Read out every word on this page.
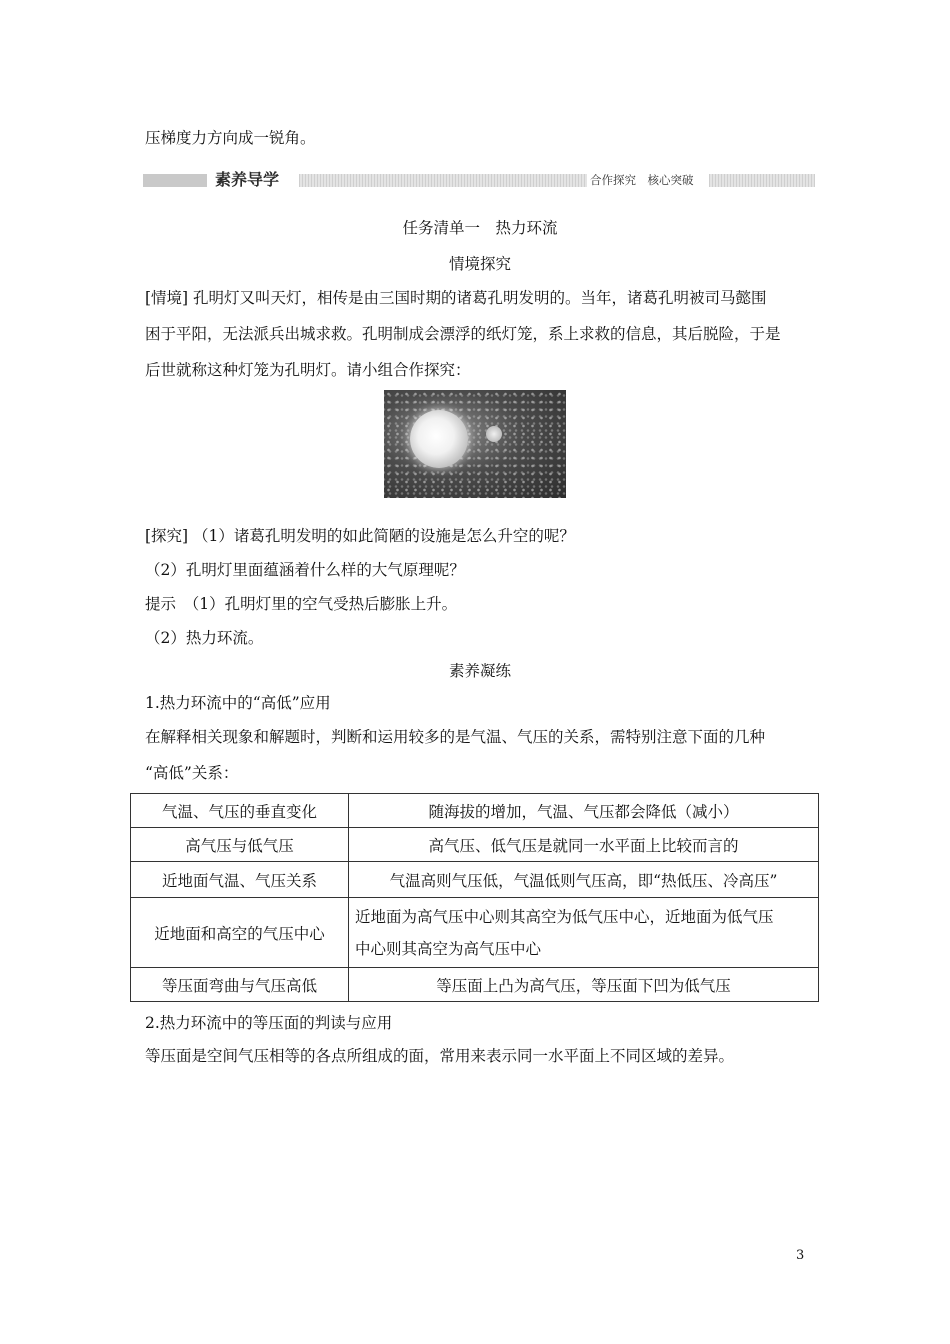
压梯度力方向成一锐角。
素养导学	合作探究　核心突破
任务清单一　热力环流
情境探究
[情境] 孔明灯又叫天灯，相传是由三国时期的诸葛孔明发明的。当年，诸葛孔明被司马懿围
困于平阳，无法派兵出城求救。孔明制成会漂浮的纸灯笼，系上求救的信息，其后脱险，于是
后世就称这种灯笼为孔明灯。请小组合作探究：
[探究] （1）诸葛孔明发明的如此简陋的设施是怎么升空的呢？
（2）孔明灯里面蕴涵着什么样的大气原理呢？
提示　（1）孔明灯里的空气受热后膨胀上升。
（2）热力环流。
素养凝练
1.热力环流中的“高低”应用
在解释相关现象和解题时，判断和运用较多的是气温、气压的关系，需特别注意下面的几种
“高低”关系：
气温、气压的垂直变化	随海拔的增加，气温、气压都会降低（减小）
高气压与低气压	高气压、低气压是就同一水平面上比较而言的
近地面气温、气压关系	气温高则气压低，气温低则气压高，即“热低压、冷高压”
近地面和高空的气压中心	近地面为高气压中心则其高空为低气压中心，近地面为低气压
中心则其高空为高气压中心

等压面弯曲与气压高低	等压面上凸为高气压，等压面下凹为低气压
2.热力环流中的等压面的判读与应用
等压面是空间气压相等的各点所组成的面，常用来表示同一水平面上不同区域的差异。
3
